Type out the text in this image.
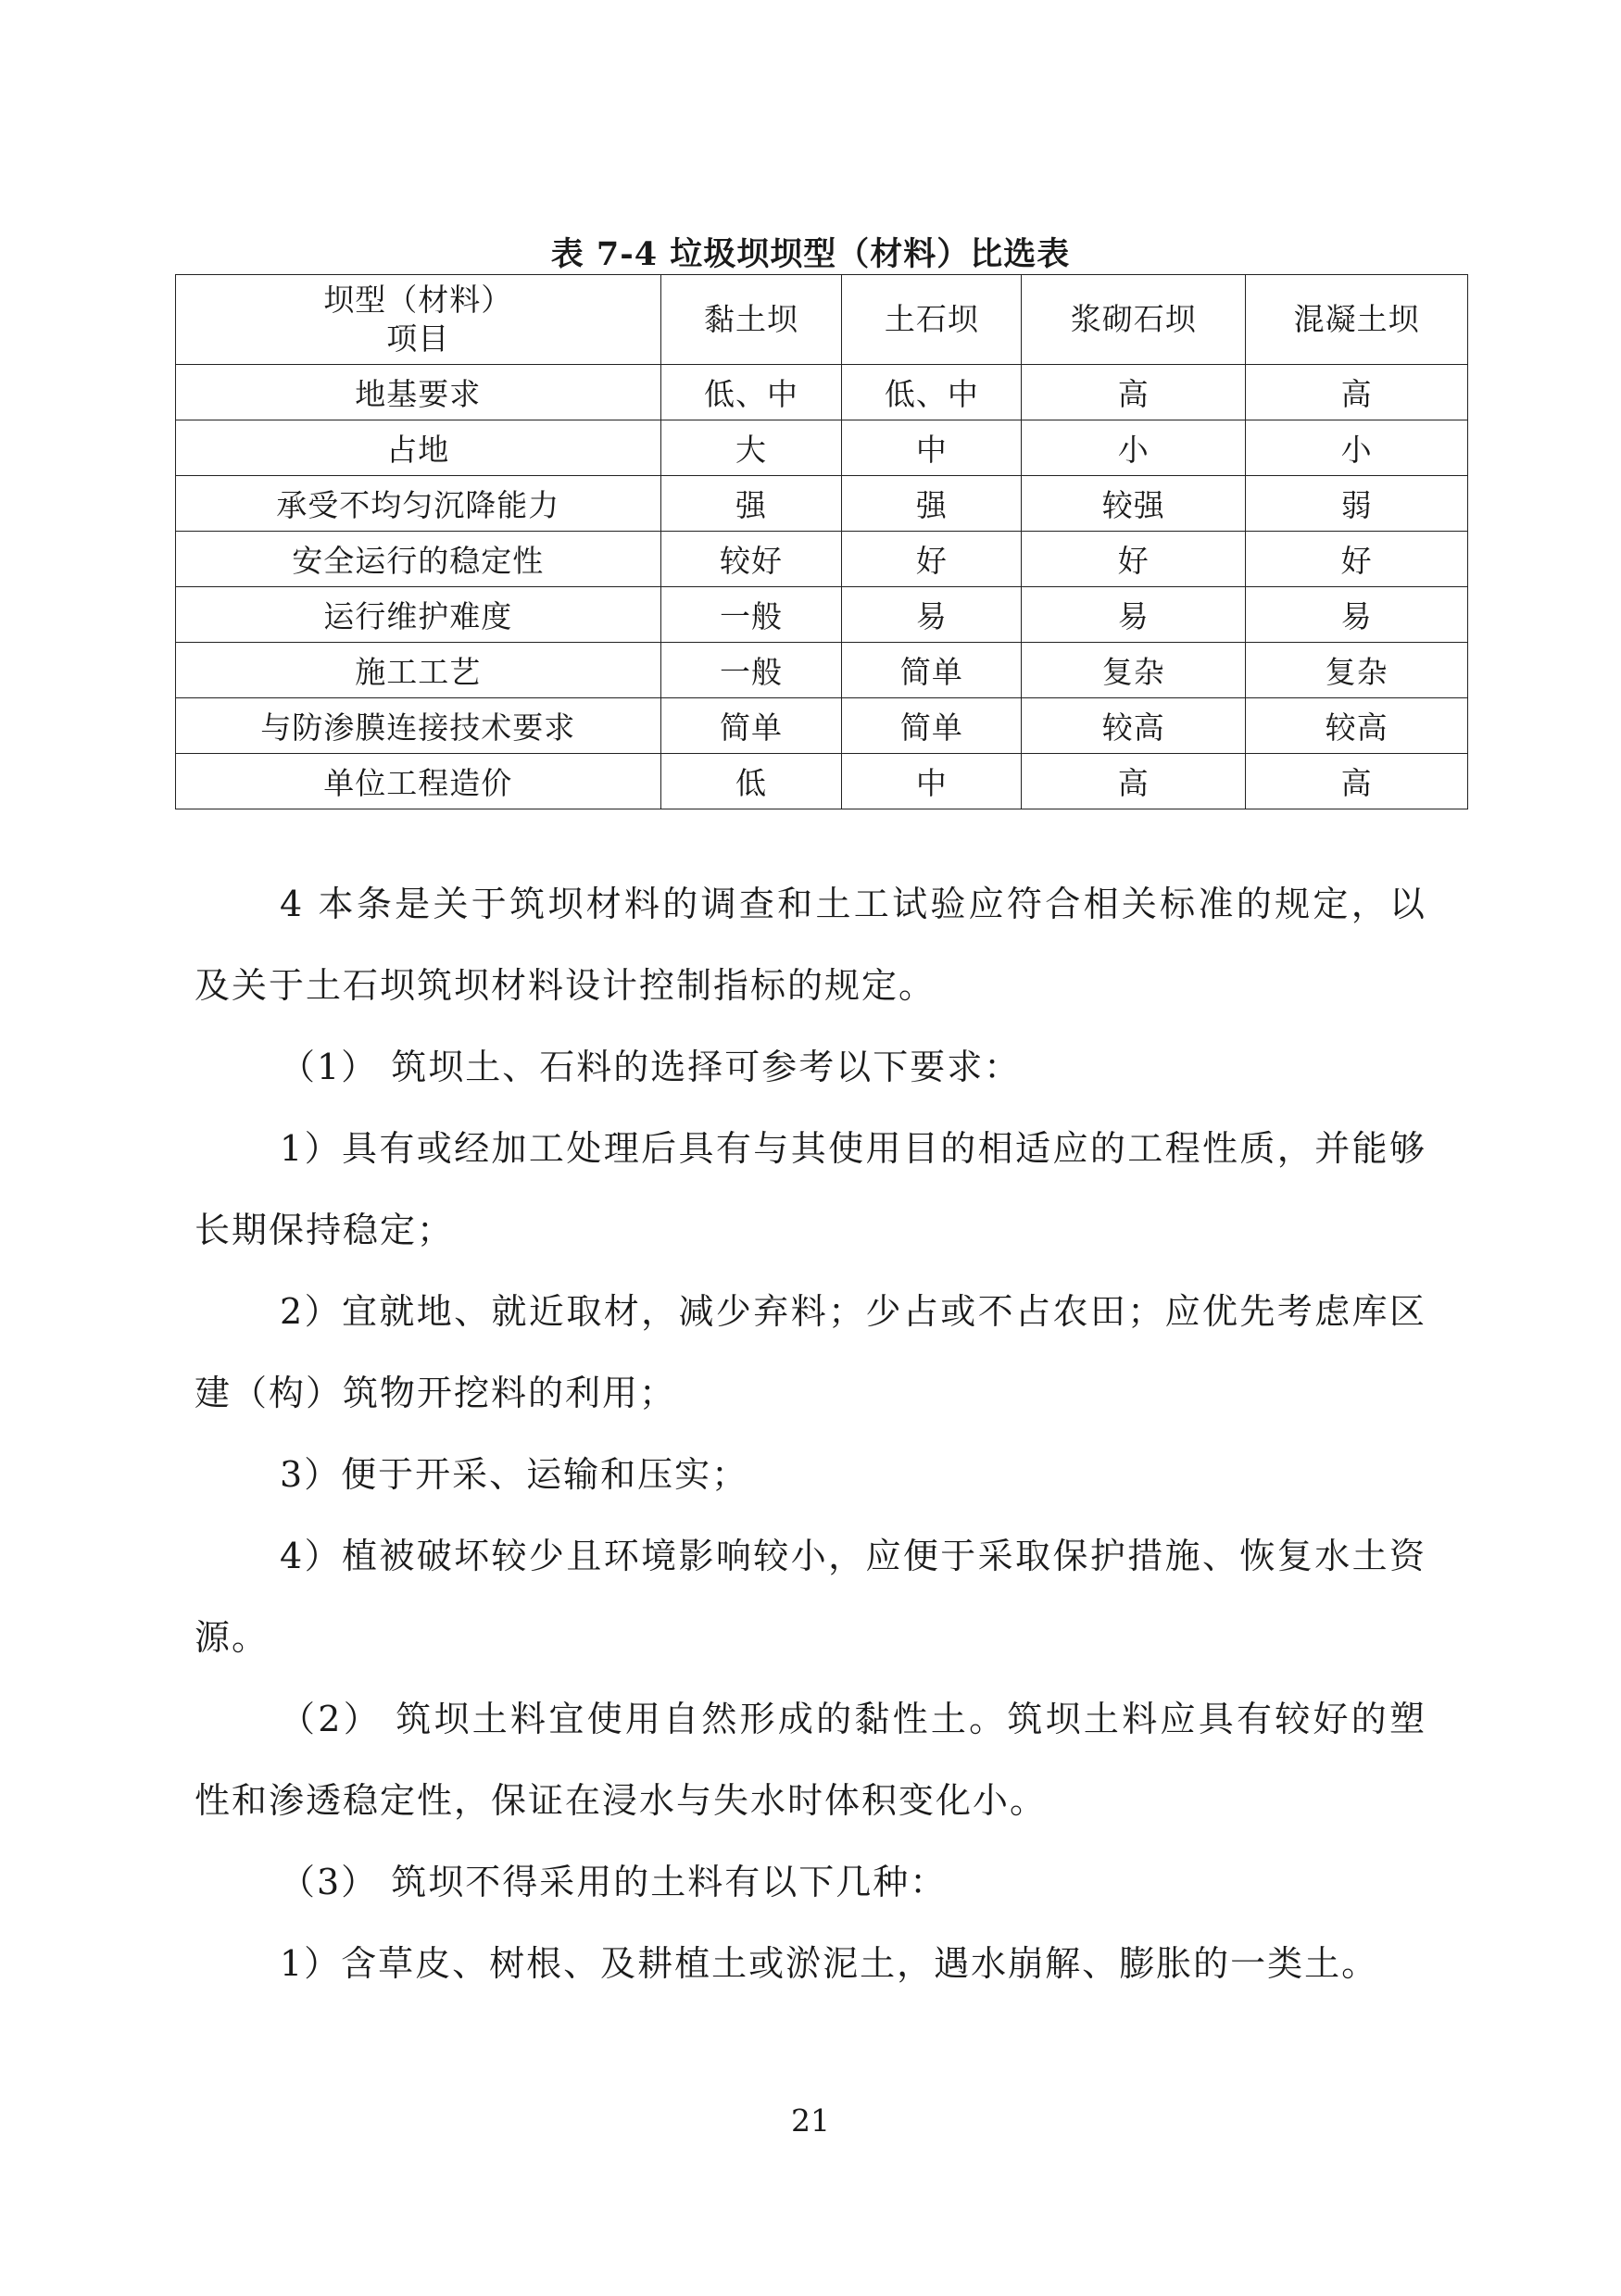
表 7-4 垃圾坝坝型（材料）比选表
坝型（材料）
项目	黏土坝	土石坝	浆砌石坝	混凝土坝
地基要求	低、中	低、中	高	高
占地	大	中	小	小
承受不均匀沉降能力	强	强	较强	弱
安全运行的稳定性	较好	好	好	好
运行维护难度	一般	易	易	易
施工工艺	一般	简单	复杂	复杂
与防渗膜连接技术要求	简单	简单	较高	较高
单位工程造价	低	中	高	高

4 本条是关于筑坝材料的调查和土工试验应符合相关标准的规定，以及关于土石坝筑坝材料设计控制指标的规定。

（1） 筑坝土、石料的选择可参考以下要求：

1）具有或经加工处理后具有与其使用目的相适应的工程性质，并能够长期保持稳定；

2）宜就地、就近取材，减少弃料；少占或不占农田；应优先考虑库区建（构）筑物开挖料的利用；

3）便于开采、运输和压实；

4）植被破坏较少且环境影响较小，应便于采取保护措施、恢复水土资源。

（2） 筑坝土料宜使用自然形成的黏性土。筑坝土料应具有较好的塑性和渗透稳定性，保证在浸水与失水时体积变化小。

（3） 筑坝不得采用的土料有以下几种：

1）含草皮、树根、及耕植土或淤泥土，遇水崩解、膨胀的一类土。

21
